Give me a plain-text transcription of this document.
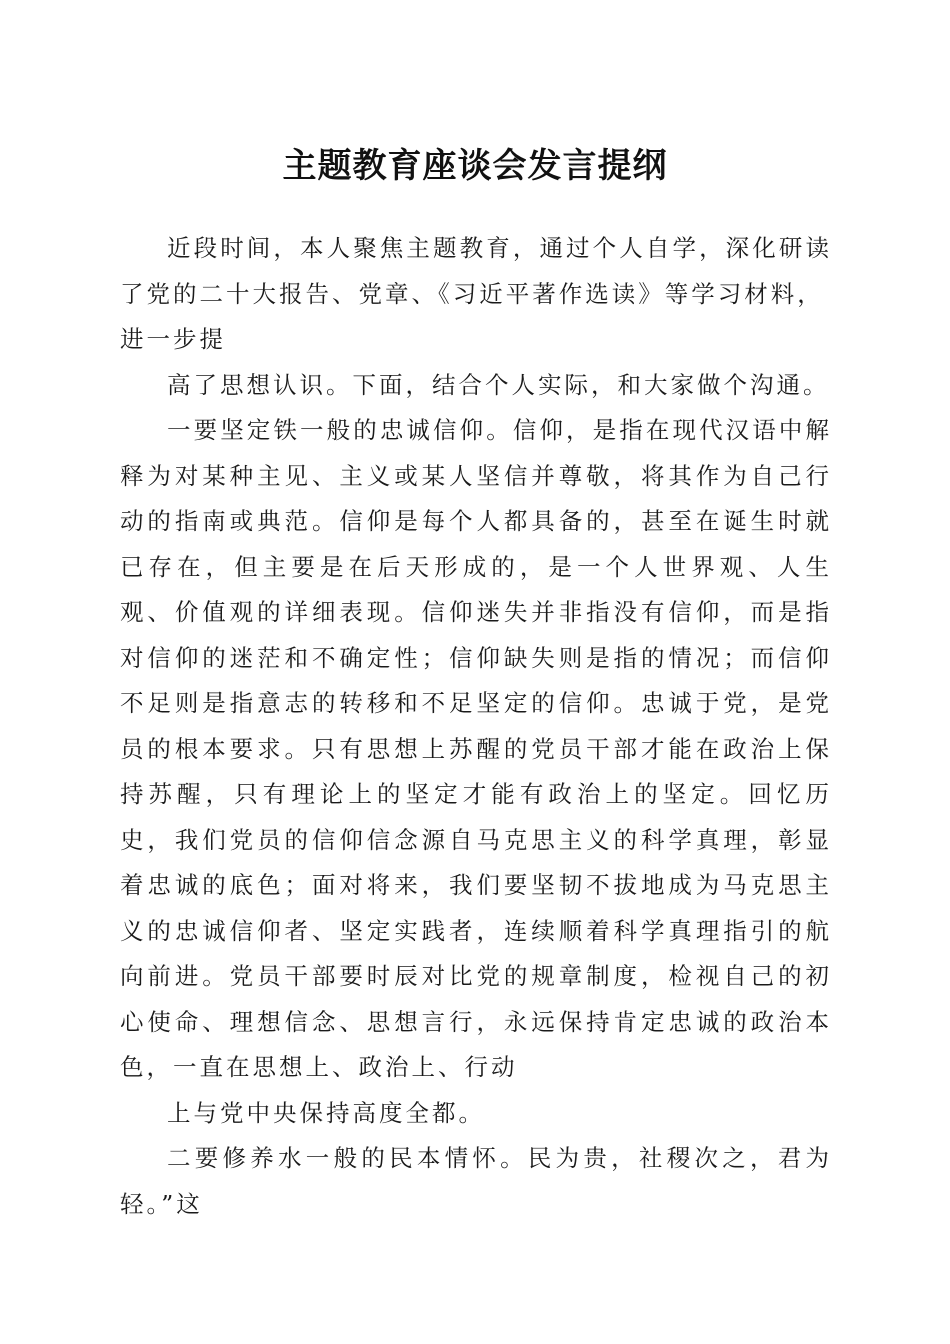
主题教育座谈会发言提纲

近段时间，本人聚焦主题教育，通过个人自学，深化研读了党的二十大报告、党章、《习近平著作选读》等学习材料，
进一步提

高了思想认识。下面，结合个人实际，和大家做个沟通。

一要坚定铁一般的忠诚信仰。信仰，是指在现代汉语中解释为对某种主见、主义或某人坚信并尊敬，将其作为自己行动的指南或典范。信仰是每个人都具备的，甚至在诞生时就已存在，但主要是在后天形成的，是一个人世界观、人生观、价值观的详细表现。信仰迷失并非指没有信仰，而是指对信仰的迷茫和不确定性；信仰缺失则是指的情况；而信仰不足则是指意志的转移和不足坚定的信仰。忠诚于党，是党员的根本要求。只有思想上苏醒的党员干部才能在政治上保持苏醒，只有理论上的坚定才能有政治上的坚定。回忆历史，我们党员的信仰信念源自马克思主义的科学真理，彰显着忠诚的底色；面对将来，我们要坚韧不拔地成为马克思主义的忠诚信仰者、坚定实践者，连续顺着科学真理指引的航向前进。党员干部要时辰对比党的规章制度，检视自己的初心使命、理想信念、思想言行，永远保持肯定忠诚的政治本色，一直在思想上、政治上、行动

上与党中央保持高度全都。

二要修养水一般的民本情怀。民为贵，社稷次之，君为轻。”这
